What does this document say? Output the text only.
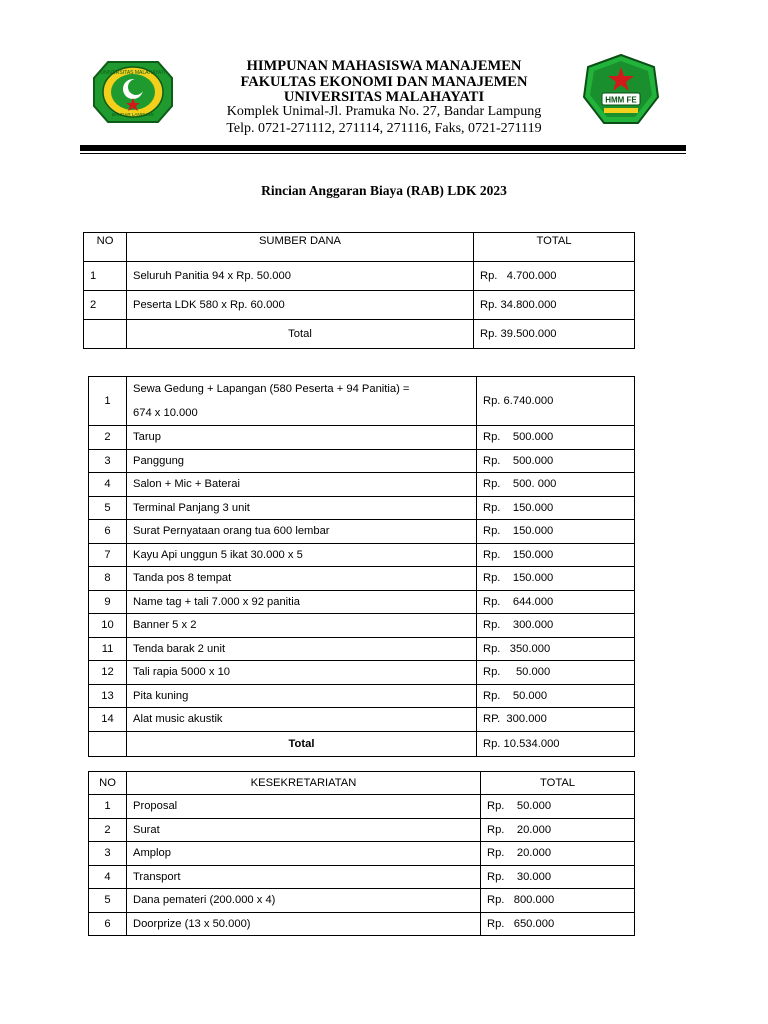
UNIVERSITAS MALAHAYATI
BANDAR LAMPUNG
HIMPUNAN MAHASISWA MANAJEMEN
FAKULTAS EKONOMI DAN MANAJEMEN
UNIVERSITAS MALAHAYATI
Komplek Unimal-Jl. Pramuka No. 27, Bandar Lampung
Telp. 0721-271112, 271114, 271116, Faks, 0721-271119
HMM FE
Rincian Anggaran Biaya (RAB) LDK 2023
NO	SUMBER DANA	TOTAL
1	Seluruh Panitia 94 x Rp. 50.000	Rp.   4.700.000
2	Peserta LDK 580 x Rp. 60.000	Rp. 34.800.000
	Total	Rp. 39.500.000
1	Sewa Gedung + Lapangan (580 Peserta + 94 Panitia) =
674 x 10.000	Rp. 6.740.000
2	Tarup	Rp.    500.000
3	Panggung	Rp.    500.000
4	Salon + Mic + Baterai	Rp.    500. 000
5	Terminal Panjang 3 unit	Rp.    150.000
6	Surat Pernyataan orang tua 600 lembar	Rp.    150.000
7	Kayu Api unggun 5 ikat 30.000 x 5	Rp.    150.000
8	Tanda pos 8 tempat	Rp.    150.000
9	Name tag + tali 7.000 x 92 panitia	Rp.    644.000
10	Banner 5 x 2	Rp.    300.000
11	Tenda barak 2 unit	Rp.   350.000
12	Tali rapia 5000 x 10	Rp.     50.000
13	Pita kuning	Rp.    50.000
14	Alat music akustik	RP.  300.000
	Total	Rp. 10.534.000
NO	KESEKRETARIATAN	TOTAL
1	Proposal	Rp.    50.000
2	Surat	Rp.    20.000
3	Amplop	Rp.    20.000
4	Transport	Rp.    30.000
5	Dana pemateri (200.000 x 4)	Rp.   800.000
6	Doorprize (13 x 50.000)	Rp.   650.000
